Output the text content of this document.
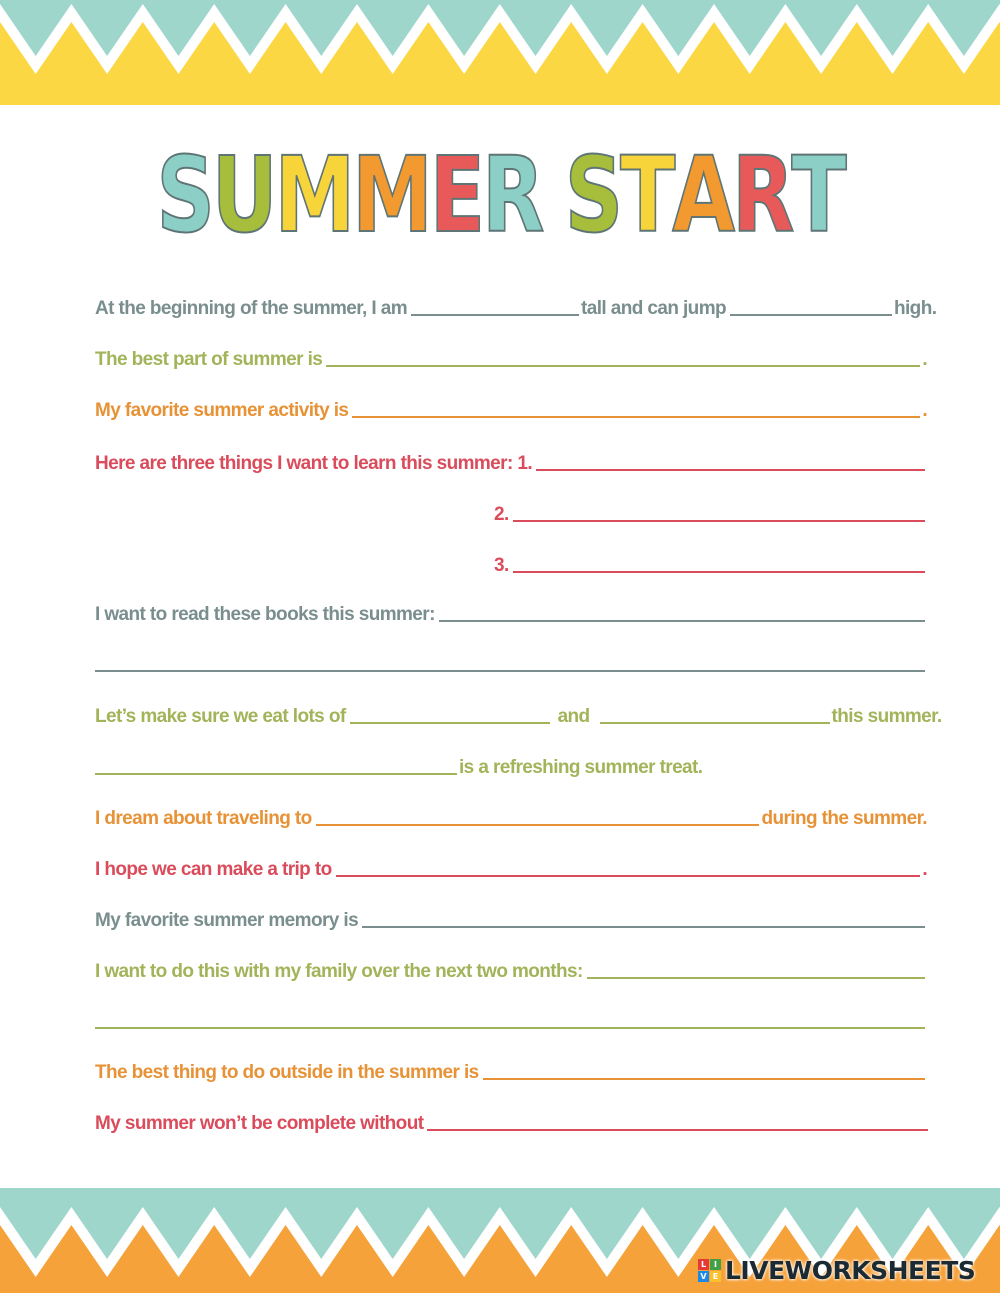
SUMMER START
At the beginning of the summer, I am	tall and can jump	high.
The best part of summer is	.
My favorite summer activity is	.
Here are three things I want to learn this summer: 1.
2.
3.
I want to read these books this summer:
Let’s make sure we eat lots of	and	this summer.
is a refreshing summer treat.
I dream about traveling to	during the summer.
I hope we can make a trip to	.
My favorite summer memory is
I want to do this with my family over the next two months:
The best thing to do outside in the summer is
My summer won’t be complete without
L I
V E LIVEWORKSHEETS
